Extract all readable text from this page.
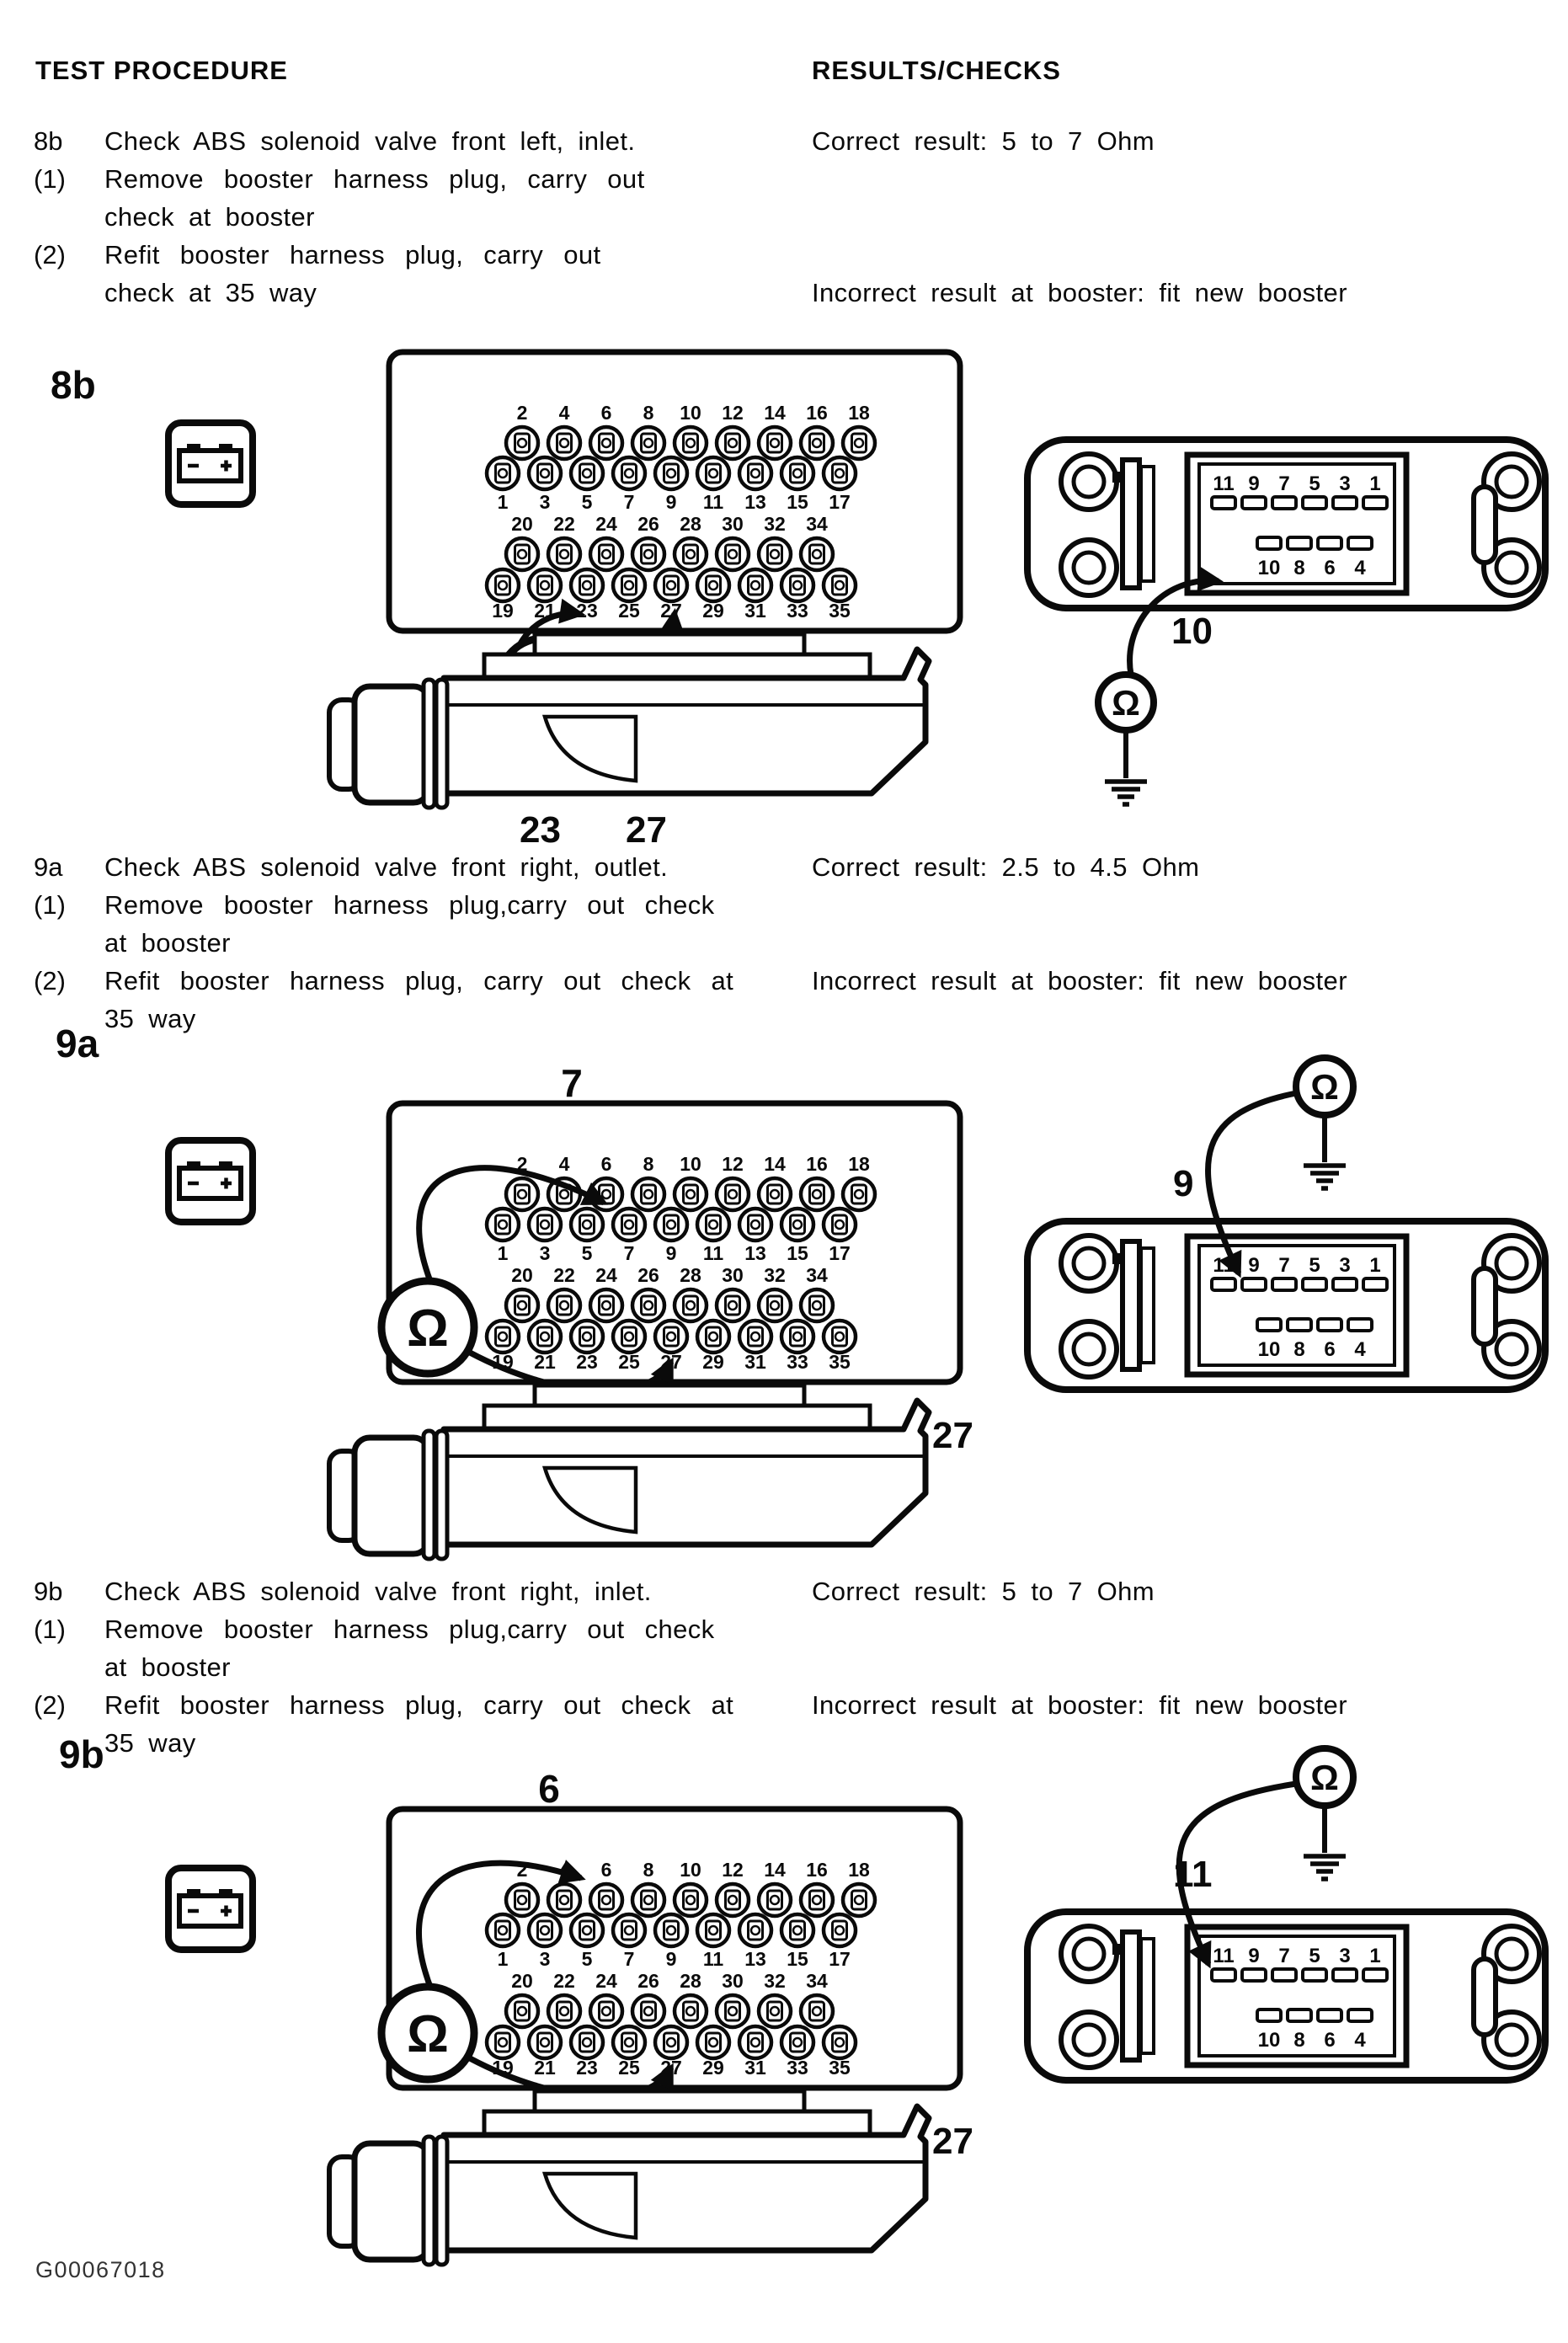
TEST PROCEDURE	RESULTS/CHECKS
8b Check ABS solenoid valve front left, inlet.	Correct result: 5 to 7 Ohm
(1) Remove booster harness plug, carry out
check at booster
(2) Refit booster harness plug, carry out
check at 35 way	Incorrect result at booster: fit new booster
8b
2 4 6 8 10 12 14 16 18
1 3 5 7 9 11 13 15 17
20 22 24 26 28 30 32 34
19 21 23 25 27 29 31 33 35
23 27
11 9 7 5 3 1
10 8 6 4
Ω
10
9a Check ABS solenoid valve front right, outlet.	Correct result: 2.5 to 4.5 Ohm
(1) Remove booster harness plug,carry out check
at booster
(2) Refit booster harness plug, carry out check at	Incorrect result at booster: fit new booster
35 way
9a
2 4 6 8 10 12 14 16 18
1 3 5 7 9 11 13 15 17
20 22 24 26 28 30 32 34
19 21 23 25 27 29 31 33 35
Ω
7
27
11 9 7 5 3 1
10 8 6 4
Ω
9
9b Check ABS solenoid valve front right, inlet.	Correct result: 5 to 7 Ohm
(1) Remove booster harness plug,carry out check
at booster
(2) Refit booster harness plug, carry out check at	Incorrect result at booster: fit new booster
35 way
9b
2 4 6 8 10 12 14 16 18
1 3 5 7 9 11 13 15 17
20 22 24 26 28 30 32 34
19 21 23 25 27 29 31 33 35
Ω
6
27
11 9 7 5 3 1
10 8 6 4
Ω
11
G00067018
